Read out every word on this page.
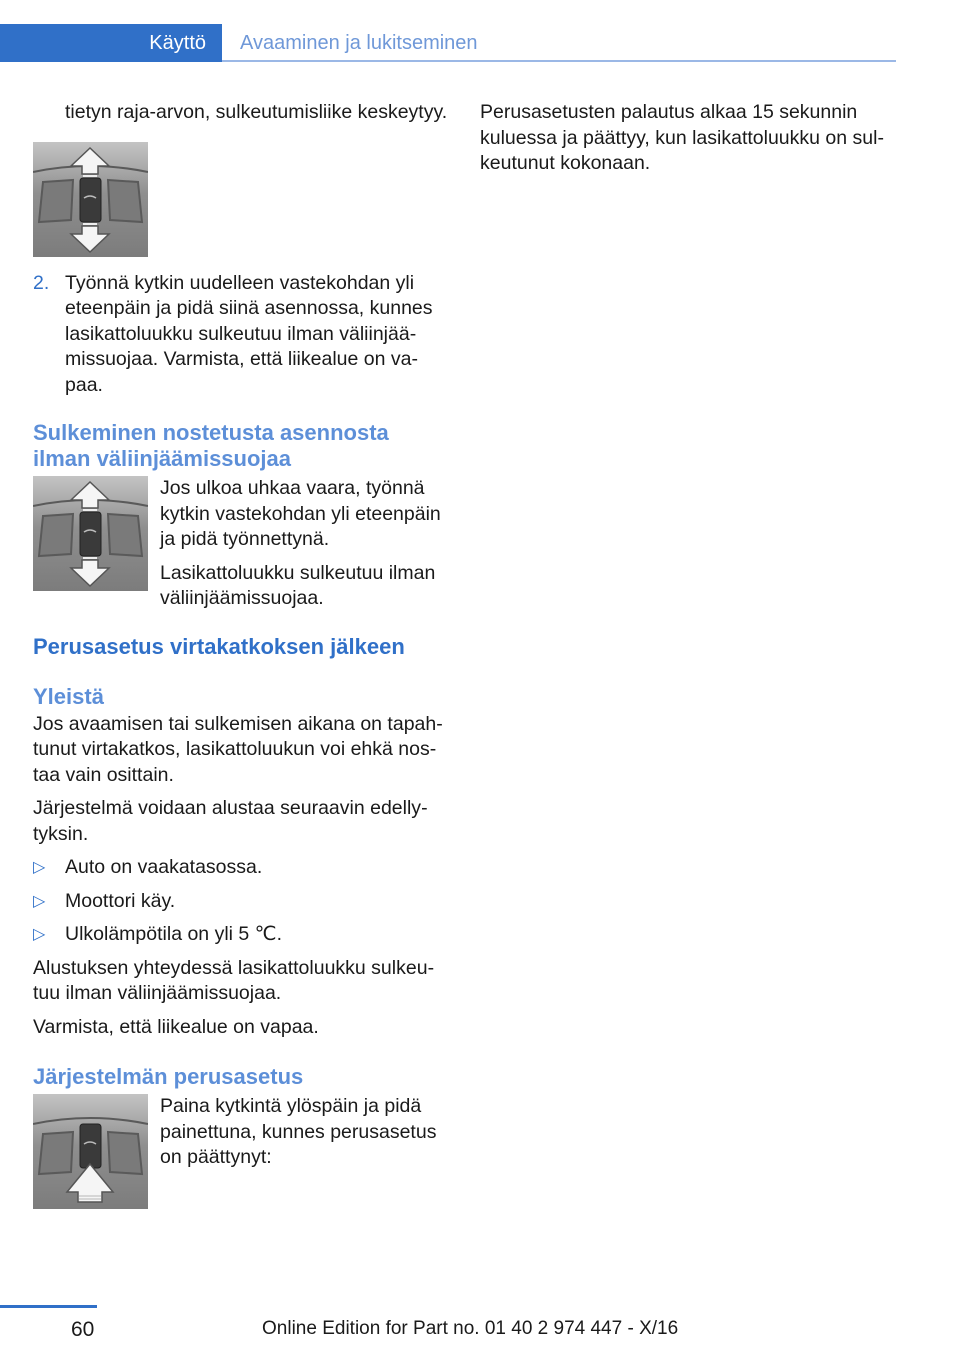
Käyttö	Avaaminen ja lukitseminen

tietyn raja-arvon, sulkeutumisliike keskeytyy.

2. Työnnä kytkin uudelleen vastekohdan yli eteenpäin ja pidä siinä asennossa, kunnes lasikattoluukku sulkeutuu ilman väliinjäämissuojaa. Varmista, että liikealue on vapaa.

Sulkeminen nostetusta asennosta ilman väliinjäämissuojaa

Jos ulkoa uhkaa vaara, työnnä kytkin vastekohdan yli eteenpäin ja pidä työnnettynä.

Lasikattoluukku sulkeutuu ilman väliinjäämissuojaa.

Perusasetus virtakatkoksen jälkeen
Yleistä

Jos avaamisen tai sulkemisen aikana on tapahtunut virtakatkos, lasikattoluukun voi ehkä nostaa vain osittain.

Järjestelmä voidaan alustaa seuraavin edellytyksin.

▷	Auto on vaakatasossa.

▷	Moottori käy.

▷	Ulkolämpötila on yli 5 ℃.

Alustuksen yhteydessä lasikattoluukku sulkeutuu ilman väliinjäämissuojaa.

Varmista, että liikealue on vapaa.

Järjestelmän perusasetus

Paina kytkintä ylöspäin ja pidä painettuna, kunnes perusasetus on päättynyt:

Perusasetusten palautus alkaa 15 sekunnin kuluessa ja päättyy, kun lasikattoluukku on sulkeutunut kokonaan.

60	Online Edition for Part no. 01 40 2 974 447 - X/16
